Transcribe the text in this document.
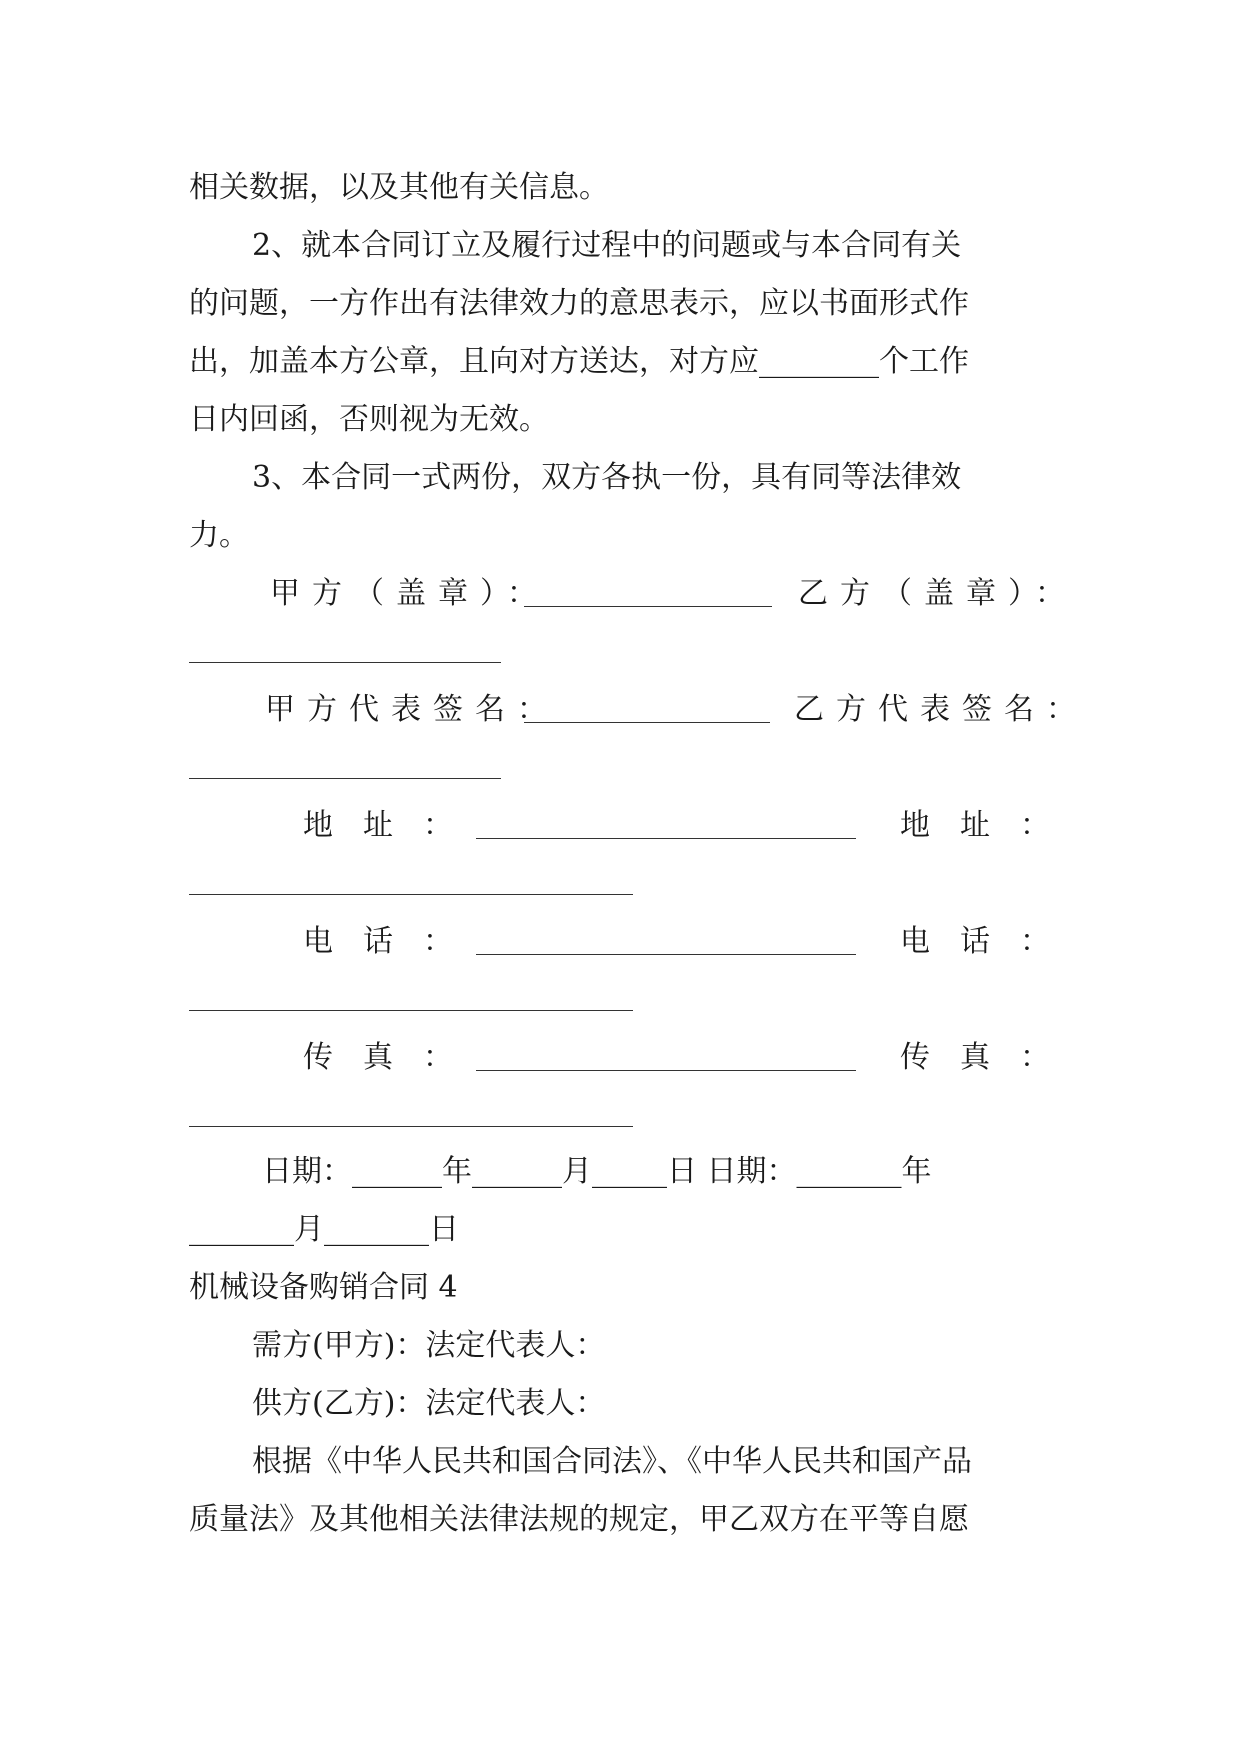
相关数据，以及其他有关信息。
2、就本合同订立及履行过程中的问题或与本合同有关
的问题，一方作出有法律效力的意思表示，应以书面形式作
出，加盖本方公章，且向对方送达，对方应________个工作
日内回函，否则视为无效。
3、本合同一式两份，双方各执一份，具有同等法律效
力。
甲方（盖章）：	乙方（盖章）：
甲方代表签名：	乙方代表签名：
地址：	地址：
电话：	电话：
传真：	传真：
日期：______年______月_____日 日期：_______年
_______月_______日
机械设备购销合同 4
需方(甲方)：法定代表人：
供方(乙方)：法定代表人：
根据《中华人民共和国合同法》、《中华人民共和国产品
质量法》及其他相关法律法规的规定，甲乙双方在平等自愿
